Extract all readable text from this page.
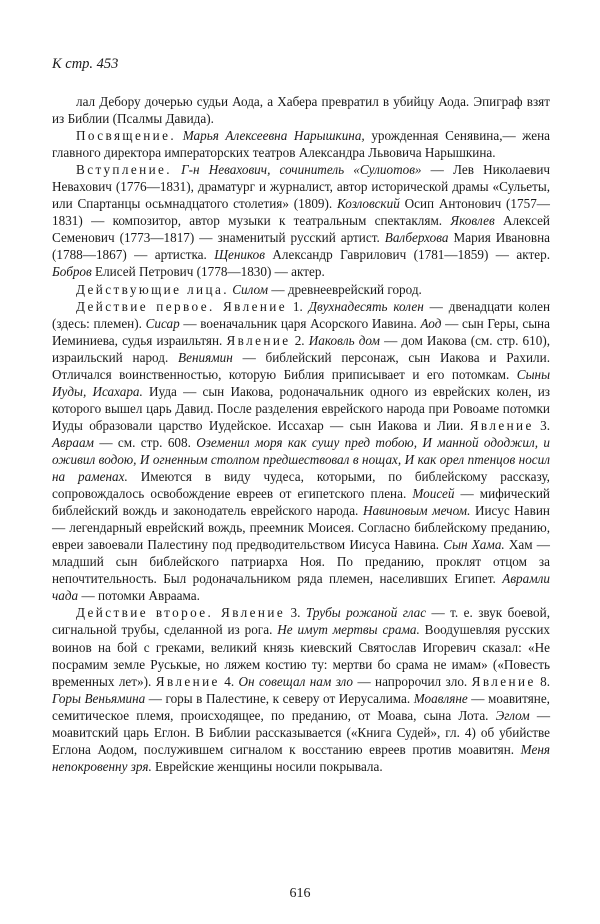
К стр. 453

лал Дебору дочерью судьи Аода, а Хабера превратил в убийцу Аода. Эпиграф взят из Библии (Псалмы Давида).

Посвящение. Марья Алексеевна Нарышкина, урожденная Сенявина,— жена главного директора императорских театров Александра Львовича Нарышкина.

Вступление. Г-н Невахович, сочинитель «Сулиотов» — Лев Николаевич Невахович (1776—1831), драматург и журналист, автор исторической драмы «Сульеты, или Спартанцы осьмнадцатого столетия» (1809). Козловский Осип Антонович (1757—1831) — композитор, автор музыки к театральным спектаклям. Яковлев Алексей Семенович (1773—1817) — знаменитый русский артист. Валберхова Мария Ивановна (1788—1867) — артистка. Щеников Александр Гаврилович (1781—1859) — актер. Бобров Елисей Петрович (1778—1830) — актер.

Действующие лица. Силом — древнееврейский город.

Действие первое. Явление 1. Двухнадесять колен — двенадцати колен (здесь: племен). Сисар — военачальник царя Асорского Иавина. Аод — сын Геры, сына Иеминиева, судья израильтян. Явление 2. Иаковль дом — дом Иакова (см. стр. 610), израильский народ. Вениямин — библейский персонаж, сын Иакова и Рахили. Отличался воинственностью, которую Библия приписывает и его потомкам. Сыны Иуды, Исахара. Иуда — сын Иакова, родоначальник одного из еврейских колен, из которого вышел царь Давид. После разделения еврейского народа при Ровоаме потомки Иуды образовали царство Иудейское. Иссахар — сын Иакова и Лии. Явление 3. Авраам — см. стр. 608. Оземенил моря как сушу пред тобою, И манной ододжил, и оживил водою, И огненным столпом предшествовал в нощах, И как орел птенцов носил на раменах. Имеются в виду чудеса, которыми, по библейскому рассказу, сопровождалось освобождение евреев от египетского плена. Моисей — мифический библейский вождь и законодатель еврейского народа. Навиновым мечом. Иисус Навин — легендарный еврейский вождь, преемник Моисея. Согласно библейскому преданию, евреи завоевали Палестину под предводительством Иисуса Навина. Сын Хама. Хам — младший сын библейского патриарха Ноя. По преданию, проклят отцом за непочтительность. Был родоначальником ряда племен, населивших Египет. Аврамли чада — потомки Авраама.

Действие второе. Явление 3. Трубы рожаной глас — т. е. звук боевой, сигнальной трубы, сделанной из рога. Не имут мертвы срама. Воодушевляя русских воинов на бой с греками, великий князь киевский Святослав Игоревич сказал: «Не посрамим земле Руськыe, но ляжем костию ту: мертви бо срама не имам» («Повесть временных лет»). Явление 4. Он совещал нам зло — напророчил зло. Явление 8. Горы Веньямина — горы в Палестине, к северу от Иерусалима. Моавляне — моавитяне, семитическое племя, происходящее, по преданию, от Моава, сына Лота. Эглом — моавитский царь Еглон. В Библии рассказывается («Книга Судей», гл. 4) об убийстве Еглона Аодом, послужившем сигналом к восстанию евреев против моавитян. Меня непокровенну зря. Еврейские женщины носили покрывала.

616
